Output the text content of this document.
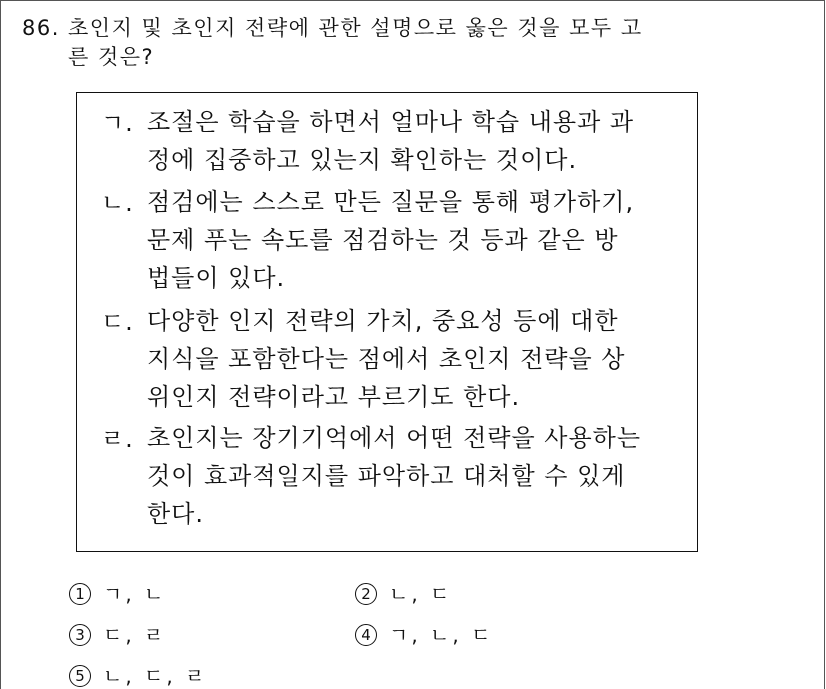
86. 초인지 및 초인지 전략에 관한 설명으로 옳은 것을 모두 고
른 것은?
ㄱ. 조절은 학습을 하면서 얼마나 학습 내용과 과
정에 집중하고 있는지 확인하는 것이다.
ㄴ. 점검에는 스스로 만든 질문을 통해 평가하기,
문제 푸는 속도를 점검하는 것 등과 같은 방
법들이 있다.
ㄷ. 다양한 인지 전략의 가치, 중요성 등에 대한
지식을 포함한다는 점에서 초인지 전략을 상
위인지 전략이라고 부르기도 한다.
ㄹ. 초인지는 장기기억에서 어떤 전략을 사용하는
것이 효과적일지를 파악하고 대처할 수 있게
한다.
1 ㄱ, ㄴ	2 ㄴ, ㄷ
3 ㄷ, ㄹ	4 ㄱ, ㄴ, ㄷ
5 ㄴ, ㄷ, ㄹ
